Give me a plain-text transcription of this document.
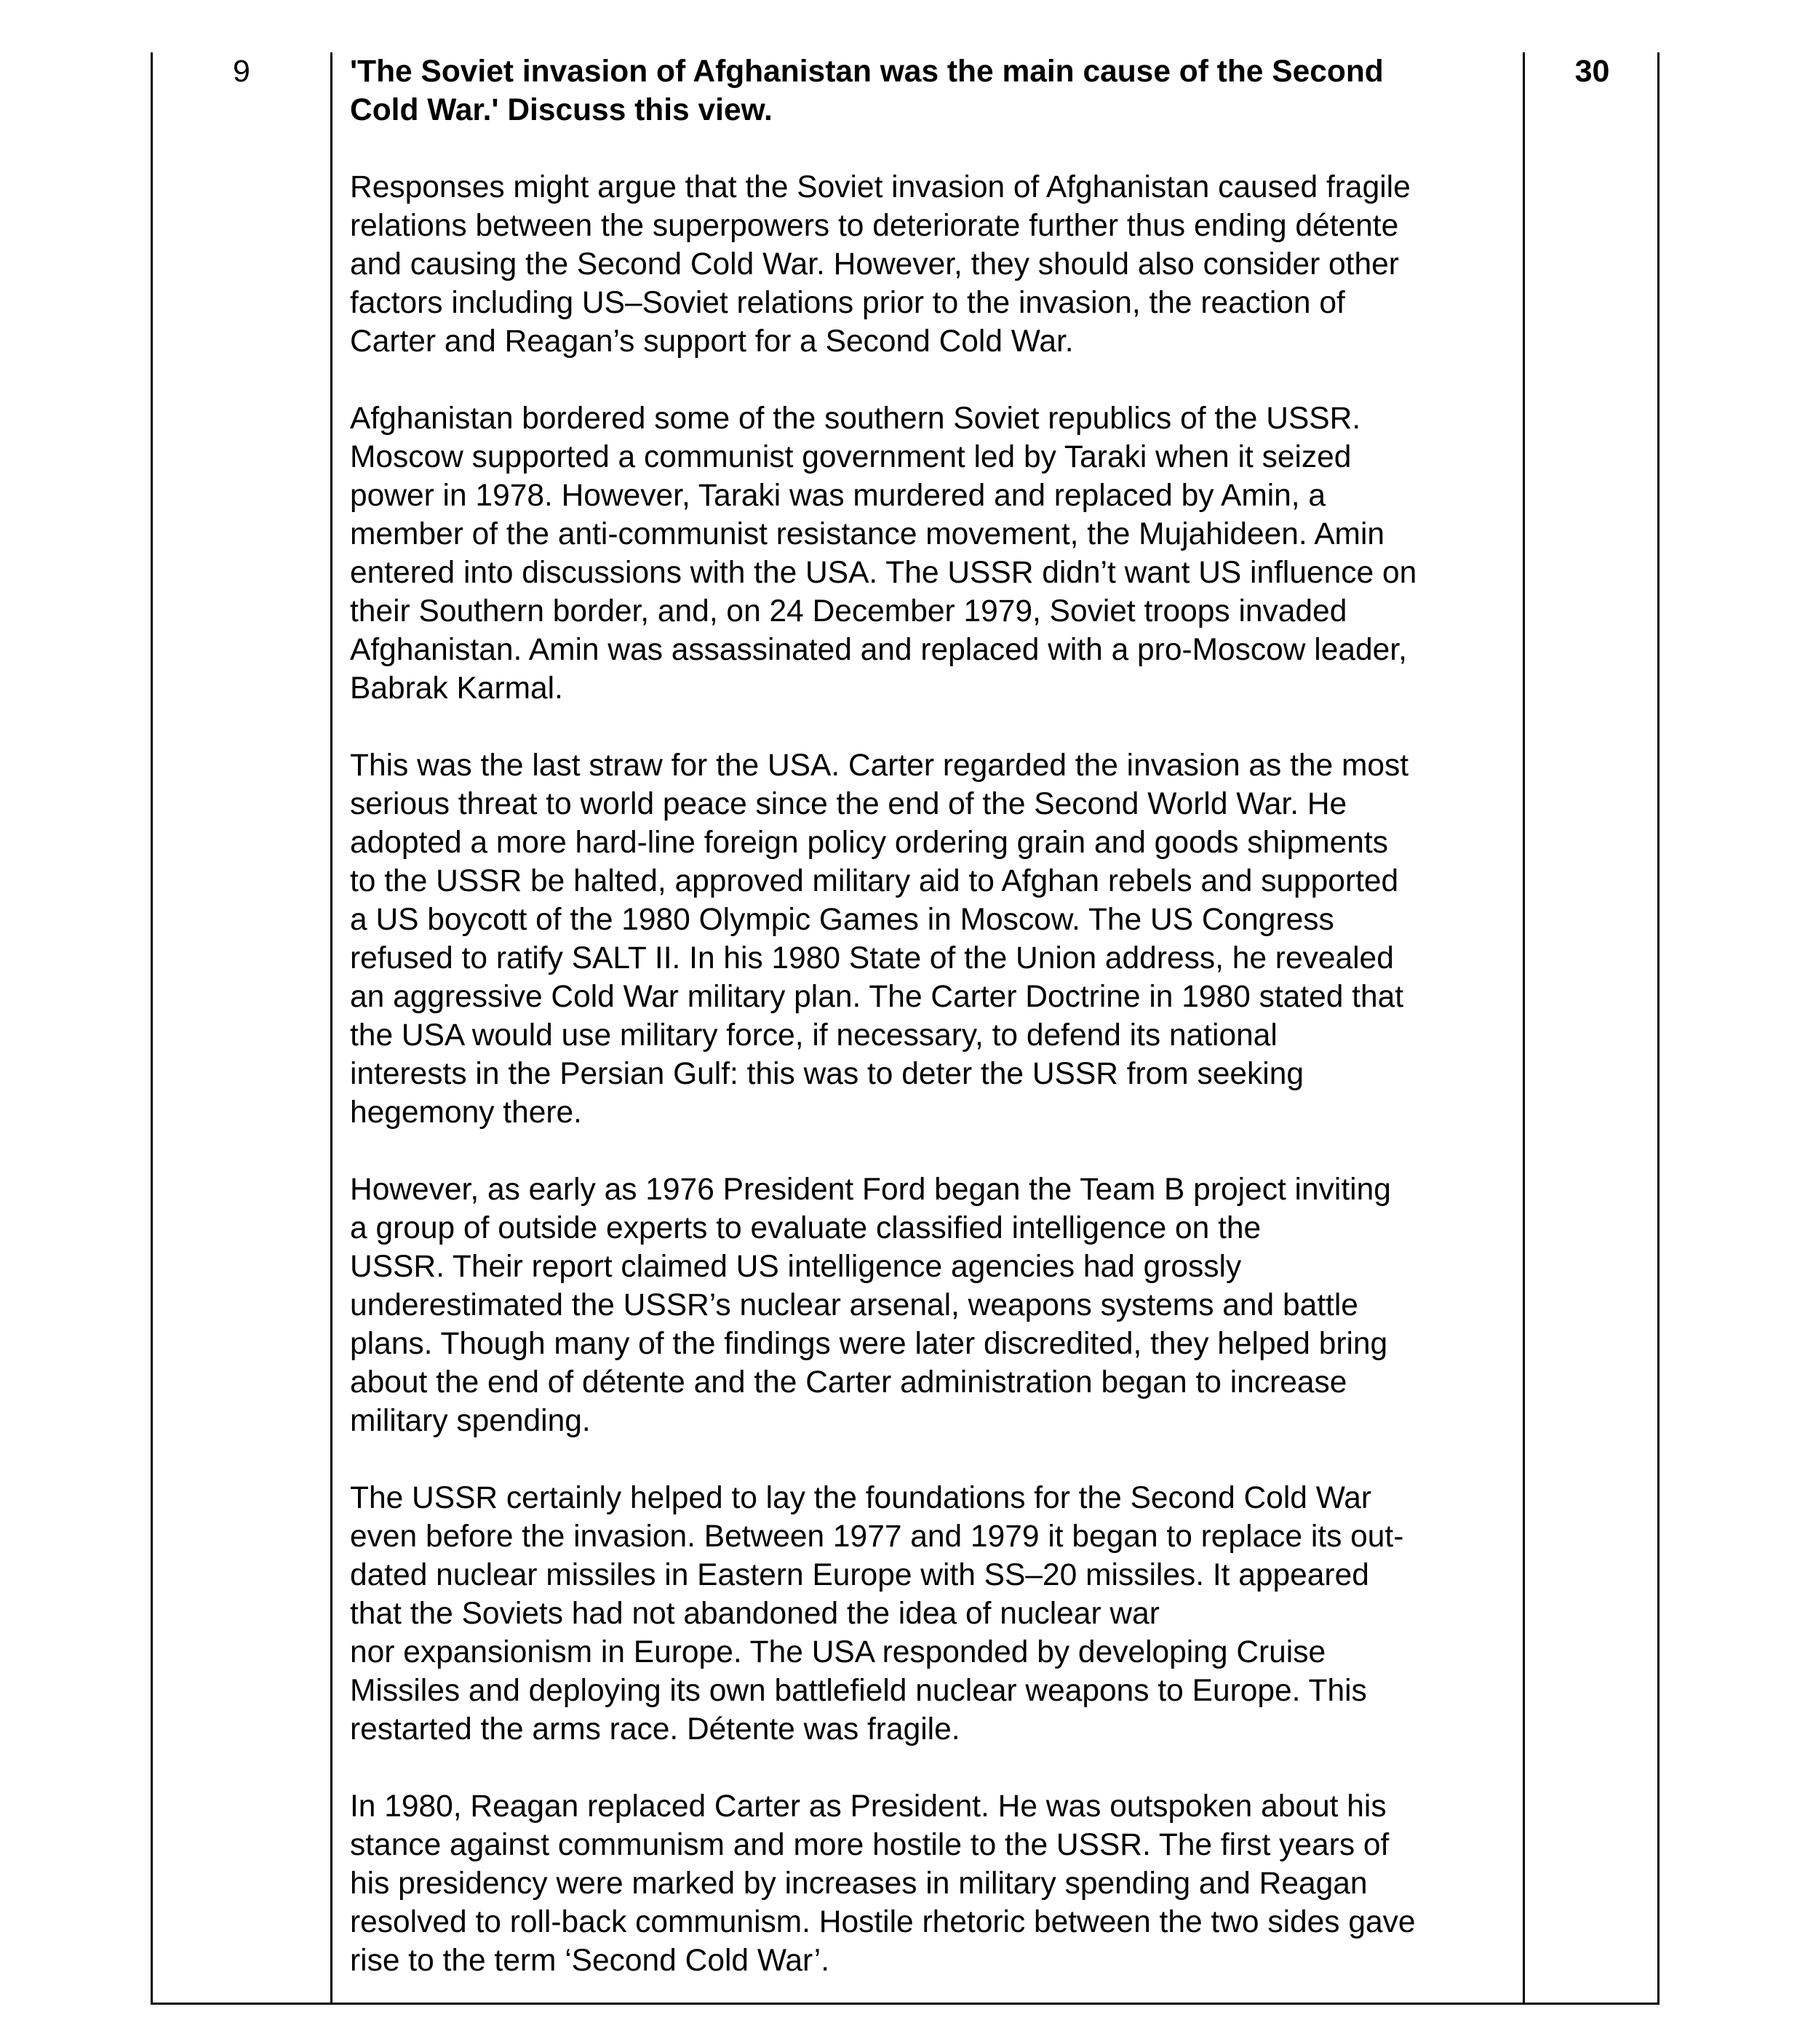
9	'The Soviet invasion of Afghanistan was the main cause of the Second
Cold War.' Discuss this view.

Responses might argue that the Soviet invasion of Afghanistan caused fragile
relations between the superpowers to deteriorate further thus ending détente
and causing the Second Cold War. However, they should also consider other
factors including US–Soviet relations prior to the invasion, the reaction of
Carter and Reagan’s support for a Second Cold War.

Afghanistan bordered some of the southern Soviet republics of the USSR.
Moscow supported a communist government led by Taraki when it seized
power in 1978. However, Taraki was murdered and replaced by Amin, a
member of the anti-communist resistance movement, the Mujahideen. Amin
entered into discussions with the USA. The USSR didn’t want US influence on
their Southern border, and, on 24 December 1979, Soviet troops invaded
Afghanistan. Amin was assassinated and replaced with a pro-Moscow leader,
Babrak Karmal.

This was the last straw for the USA. Carter regarded the invasion as the most
serious threat to world peace since the end of the Second World War. He
adopted a more hard-line foreign policy ordering grain and goods shipments
to the USSR be halted, approved military aid to Afghan rebels and supported
a US boycott of the 1980 Olympic Games in Moscow. The US Congress
refused to ratify SALT II. In his 1980 State of the Union address, he revealed
an aggressive Cold War military plan. The Carter Doctrine in 1980 stated that
the USA would use military force, if necessary, to defend its national
interests in the Persian Gulf: this was to deter the USSR from seeking
hegemony there.

However, as early as 1976 President Ford began the Team B project inviting
a group of outside experts to evaluate classified intelligence on the
USSR. Their report claimed US intelligence agencies had grossly
underestimated the USSR’s nuclear arsenal, weapons systems and battle
plans. Though many of the findings were later discredited, they helped bring
about the end of détente and the Carter administration began to increase
military spending.

The USSR certainly helped to lay the foundations for the Second Cold War
even before the invasion. Between 1977 and 1979 it began to replace its out-
dated nuclear missiles in Eastern Europe with SS–20 missiles. It appeared
that the Soviets had not abandoned the idea of nuclear war
nor expansionism in Europe. The USA responded by developing Cruise
Missiles and deploying its own battlefield nuclear weapons to Europe. This
restarted the arms race. Détente was fragile.

In 1980, Reagan replaced Carter as President. He was outspoken about his
stance against communism and more hostile to the USSR. The first years of
his presidency were marked by increases in military spending and Reagan
resolved to roll-back communism. Hostile rhetoric between the two sides gave
rise to the term ‘Second Cold War’.

30
